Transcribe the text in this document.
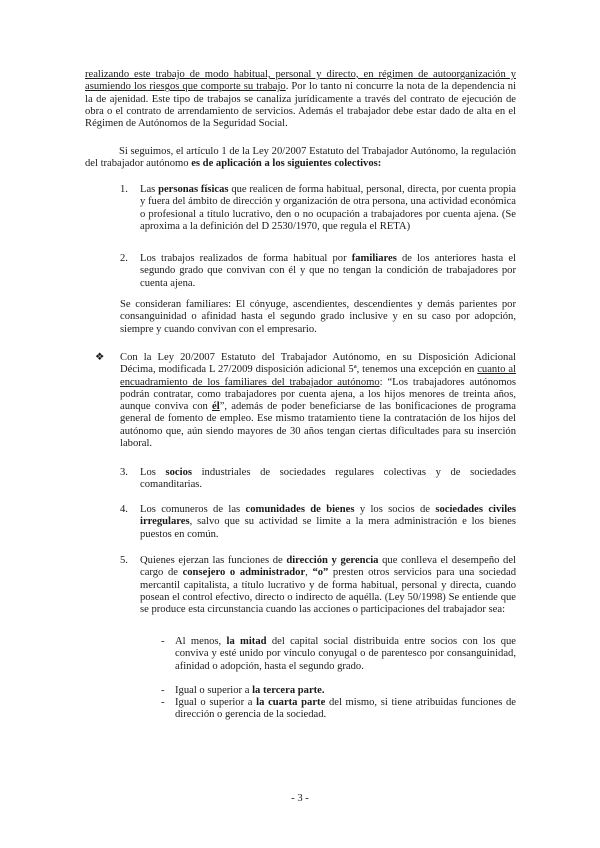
realizando este trabajo de modo habitual, personal y directo, en régimen de autoorganización y asumiendo los riesgos que comporte su trabajo. Por lo tanto ni concurre la nota de la dependencia ni la de ajenidad. Este tipo de trabajos se canaliza jurídicamente a través del contrato de ejecución de obra o el contrato de arrendamiento de servicios. Además el trabajador debe estar dado de alta en el Régimen de Autónomos de la Seguridad Social.

Si seguimos, el artículo 1 de la Ley 20/2007 Estatuto del Trabajador Autónomo, la regulación del trabajador autónomo es de aplicación a los siguientes colectivos:

1. Las personas físicas que realicen de forma habitual, personal, directa, por cuenta propia y fuera del ámbito de dirección y organización de otra persona, una actividad económica o profesional a título lucrativo, den o no ocupación a trabajadores por cuenta ajena. (Se aproxima a la definición del D 2530/1970, que regula el RETA)

2. Los trabajos realizados de forma habitual por familiares de los anteriores hasta el segundo grado que convivan con él y que no tengan la condición de trabajadores por cuenta ajena.

Se consideran familiares: El cónyuge, ascendientes, descendientes y demás parientes por consanguinidad o afinidad hasta el segundo grado inclusive y en su caso por adopción, siempre y cuando convivan con el empresario.

❖ Con la Ley 20/2007 Estatuto del Trabajador Autónomo, en su Disposición Adicional Décima, modificada L 27/2009 disposición adicional 5ª, tenemos una excepción en cuanto al encuadramiento de los familiares del trabajador autónomo: “Los trabajadores autónomos podrán contratar, como trabajadores por cuenta ajena, a los hijos menores de treinta años, aunque conviva con él”, además de poder beneficiarse de las bonificaciones de programa general de fomento de empleo. Ese mismo tratamiento tiene la contratación de los hijos del autónomo que, aún siendo mayores de 30 años tengan ciertas dificultades para su inserción laboral.

3. Los socios industriales de sociedades regulares colectivas y de sociedades comanditarias.

4. Los comuneros de las comunidades de bienes y los socios de sociedades civiles irregulares, salvo que su actividad se limite a la mera administración e los bienes puestos en común.

5. Quienes ejerzan las funciones de dirección y gerencia que conlleva el desempeño del cargo de consejero o administrador, “o” presten otros servicios para una sociedad mercantil capitalista, a título lucrativo y de forma habitual, personal y directa, cuando posean el control efectivo, directo o indirecto de aquélla. (Ley 50/1998) Se entiende que se produce esta circunstancia cuando las acciones o participaciones del trabajador sea:

- Al menos, la mitad del capital social distribuida entre socios con los que conviva y esté unido por vínculo conyugal o de parentesco por consanguinidad, afinidad o adopción, hasta el segundo grado.

- Igual o superior a la tercera parte.

- Igual o superior a la cuarta parte del mismo, si tiene atribuidas funciones de dirección o gerencia de la sociedad.

- 3 -
